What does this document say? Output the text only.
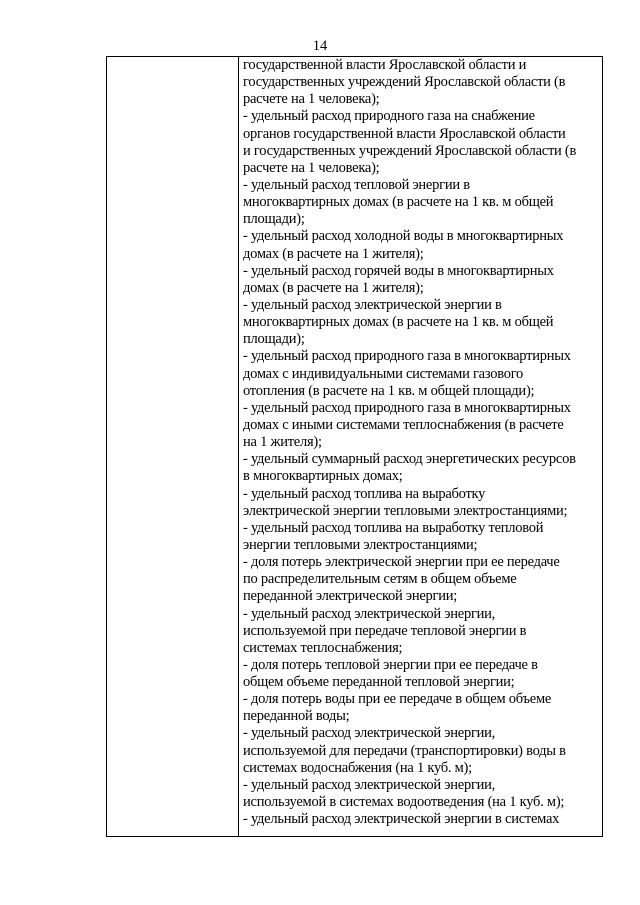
14
государственной власти Ярославской области и
государственных учреждений Ярославской области (в
расчете на 1 человека);
- удельный расход природного газа на снабжение
органов государственной власти Ярославской области
и государственных учреждений Ярославской области (в
расчете на 1 человека);
- удельный расход тепловой энергии в
многоквартирных домах (в расчете на 1 кв. м общей
площади);
- удельный расход холодной воды в многоквартирных
домах (в расчете на 1 жителя);
- удельный расход горячей воды в многоквартирных
домах (в расчете на 1 жителя);
- удельный расход электрической энергии в
многоквартирных домах (в расчете на 1 кв. м общей
площади);
- удельный расход природного газа в многоквартирных
домах с индивидуальными системами газового
отопления (в расчете на 1 кв. м общей площади);
- удельный расход природного газа в многоквартирных
домах с иными системами теплоснабжения (в расчете
на 1 жителя);
- удельный суммарный расход энергетических ресурсов
в многоквартирных домах;
- удельный расход топлива на выработку
электрической энергии тепловыми электростанциями;
- удельный расход топлива на выработку тепловой
энергии тепловыми электростанциями;
- доля потерь электрической энергии при ее передаче
по распределительным сетям в общем объеме
переданной электрической энергии;
- удельный расход электрической энергии,
используемой при передаче тепловой энергии в
системах теплоснабжения;
- доля потерь тепловой энергии при ее передаче в
общем объеме переданной тепловой энергии;
- доля потерь воды при ее передаче в общем объеме
переданной воды;
- удельный расход электрической энергии,
используемой для передачи (транспортировки) воды в
системах водоснабжения (на 1 куб. м);
- удельный расход электрической энергии,
используемой в системах водоотведения (на 1 куб. м);
- удельный расход электрической энергии в системах
